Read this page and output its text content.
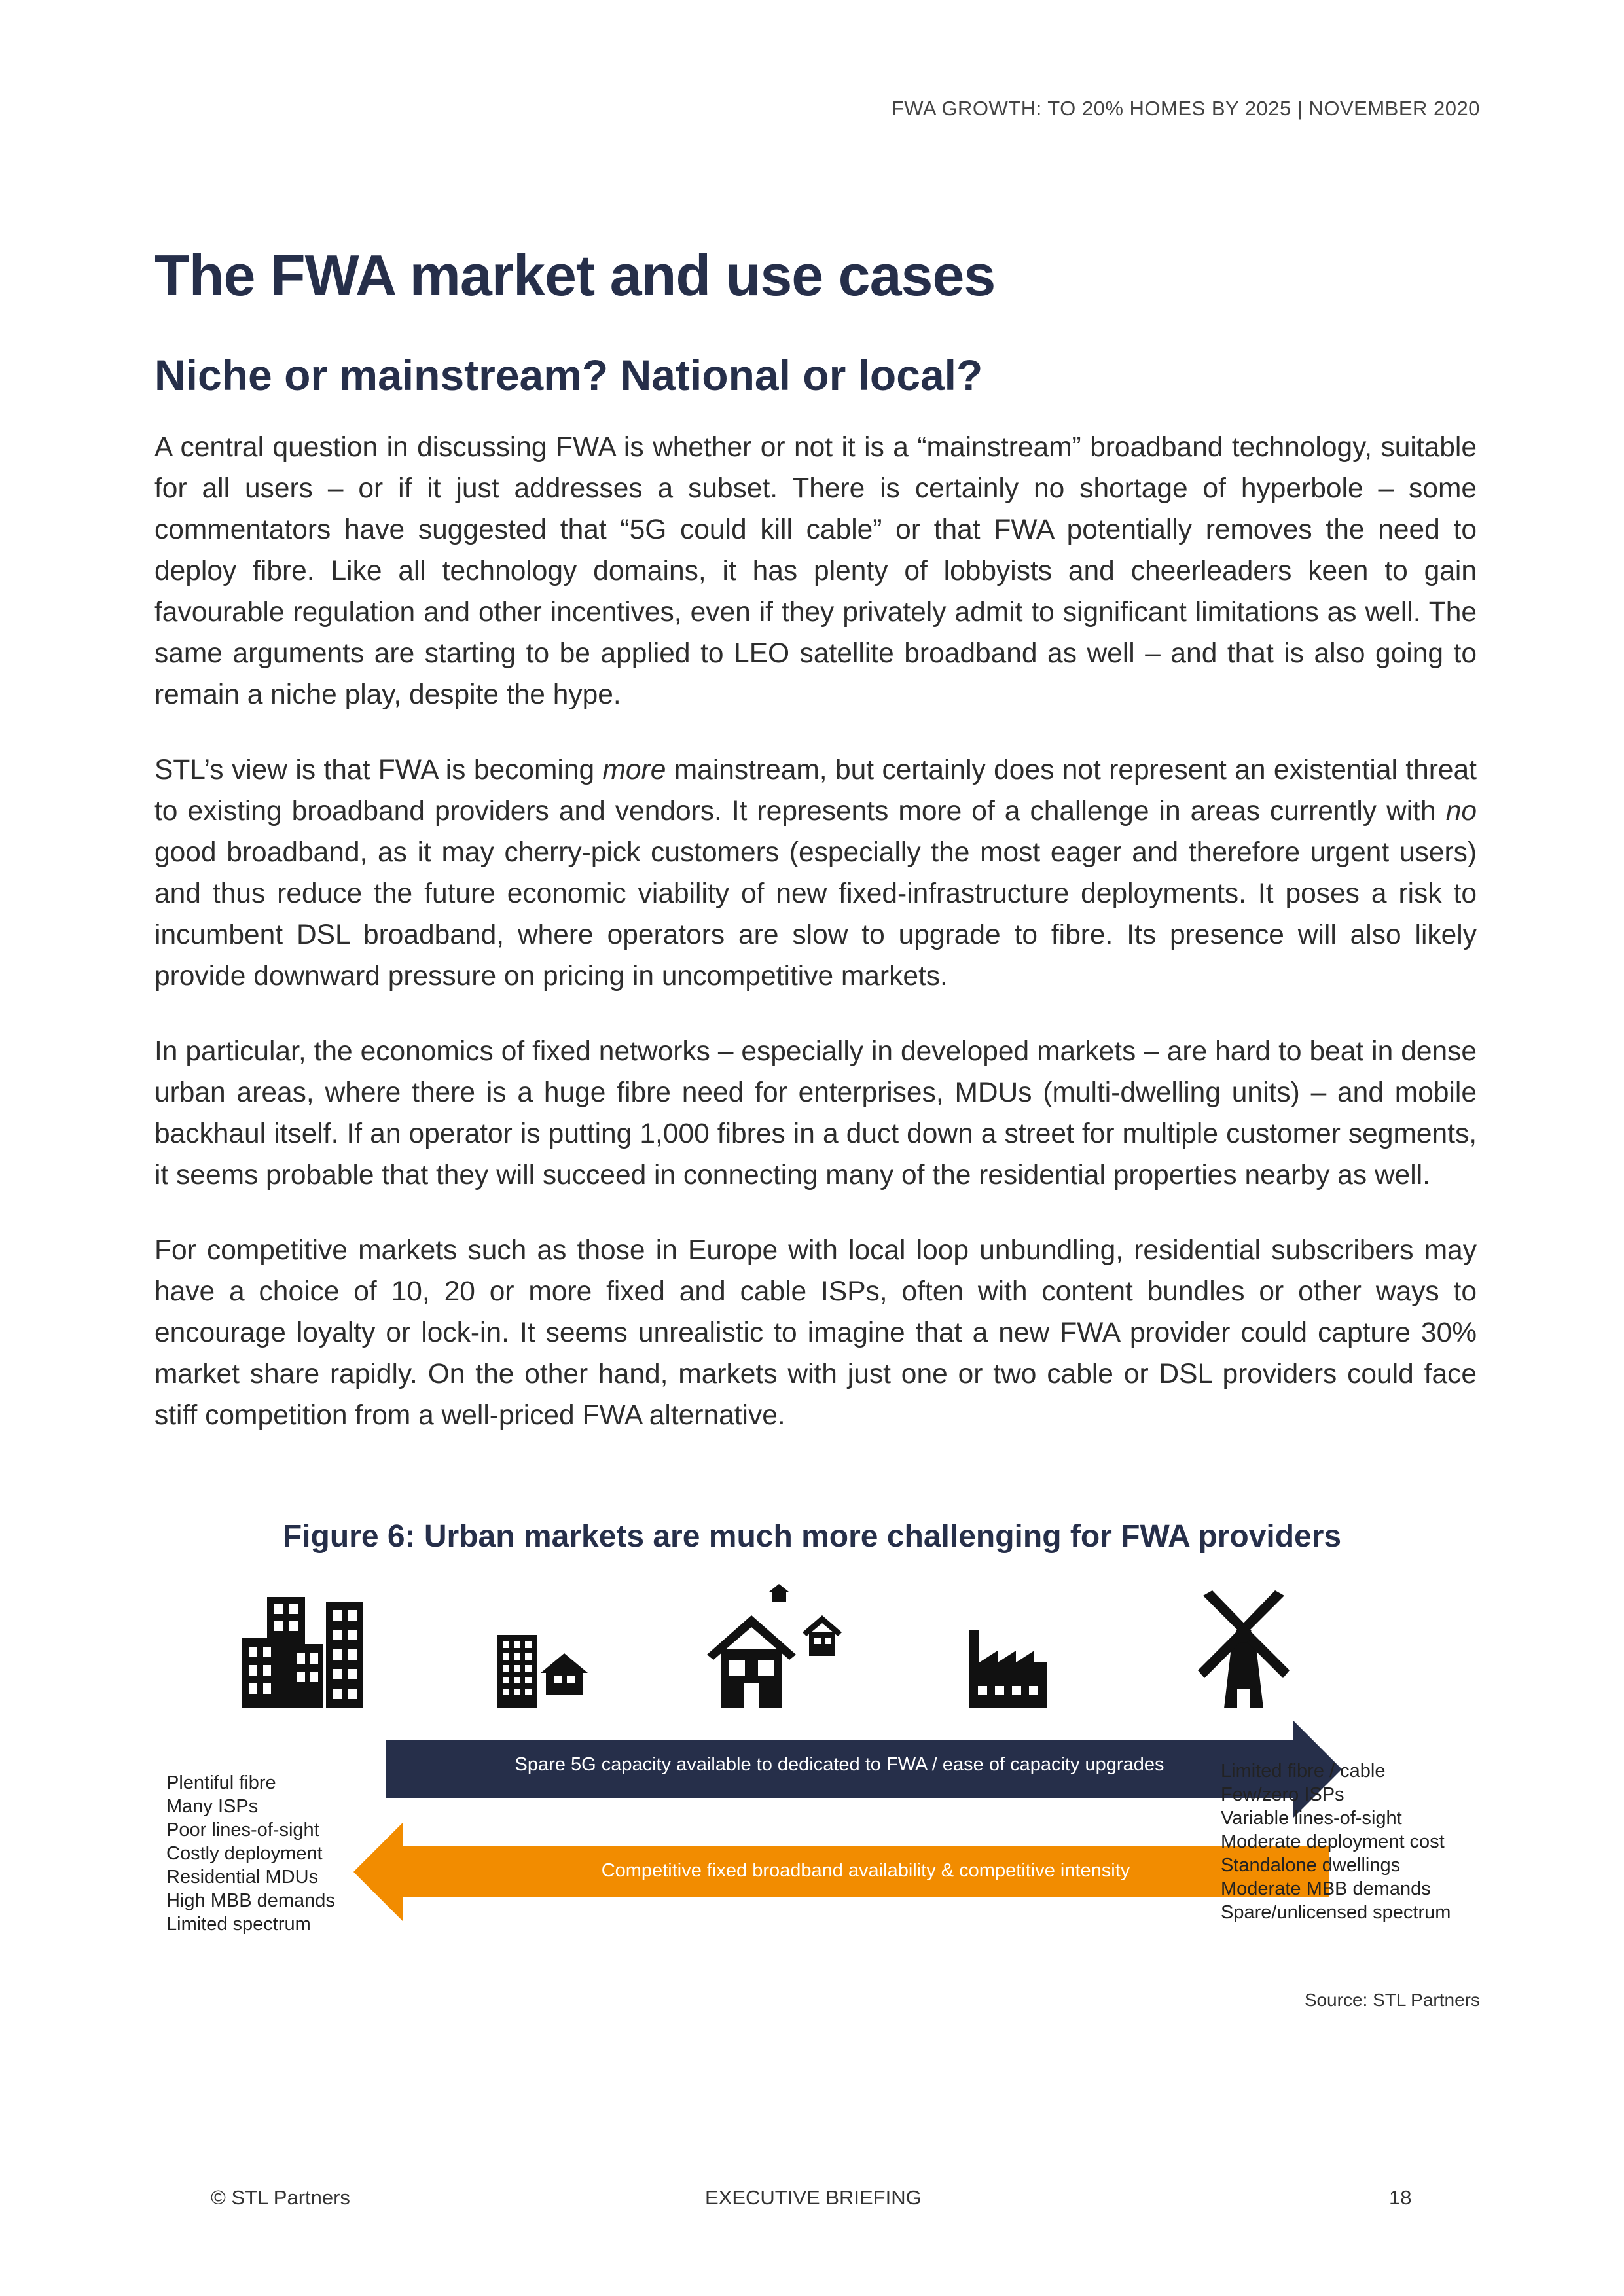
FWA GROWTH: TO 20% HOMES BY 2025 | NOVEMBER 2020
The FWA market and use cases
Niche or mainstream? National or local?

A central question in discussing FWA is whether or not it is a “mainstream” broadband technology, suitable for all users – or if it just addresses a subset. There is certainly no shortage of hyperbole – some commentators have suggested that “5G could kill cable” or that FWA potentially removes the need to deploy fibre. Like all technology domains, it has plenty of lobbyists and cheerleaders keen to gain favourable regulation and other incentives, even if they privately admit to significant limitations as well. The same arguments are starting to be applied to LEO satellite broadband as well – and that is also going to remain a niche play, despite the hype.

STL’s view is that FWA is becoming more mainstream, but certainly does not represent an existential threat to existing broadband providers and vendors. It represents more of a challenge in areas currently with no good broadband, as it may cherry-pick customers (especially the most eager and therefore urgent users) and thus reduce the future economic viability of new fixed-infrastructure deployments. It poses a risk to incumbent DSL broadband, where operators are slow to upgrade to fibre. Its presence will also likely provide downward pressure on pricing in uncompetitive markets.

In particular, the economics of fixed networks – especially in developed markets – are hard to beat in dense urban areas, where there is a huge fibre need for enterprises, MDUs (multi-dwelling units) – and mobile backhaul itself. If an operator is putting 1,000 fibres in a duct down a street for multiple customer segments, it seems probable that they will succeed in connecting many of the residential properties nearby as well.

For competitive markets such as those in Europe with local loop unbundling, residential subscribers may have a choice of 10, 20 or more fixed and cable ISPs, often with content bundles or other ways to encourage loyalty or lock-in. It seems unrealistic to imagine that a new FWA provider could capture 30% market share rapidly. On the other hand, markets with just one or two cable or DSL providers could face stiff competition from a well-priced FWA alternative.

Figure 6: Urban markets are much more challenging for FWA providers
Spare 5G capacity available to dedicated to FWA / ease of capacity upgrades
Competitive fixed broadband availability & competitive intensity
Plentiful fibre
Many ISPs
Poor lines-of-sight
Costly deployment
Residential MDUs
High MBB demands
Limited spectrum
Limited fibre / cable
Few/zero ISPs
Variable lines-of-sight
Moderate deployment cost
Standalone dwellings
Moderate MBB demands
Spare/unlicensed spectrum
Source: STL Partners
© STL Partners	EXECUTIVE BRIEFING	18
